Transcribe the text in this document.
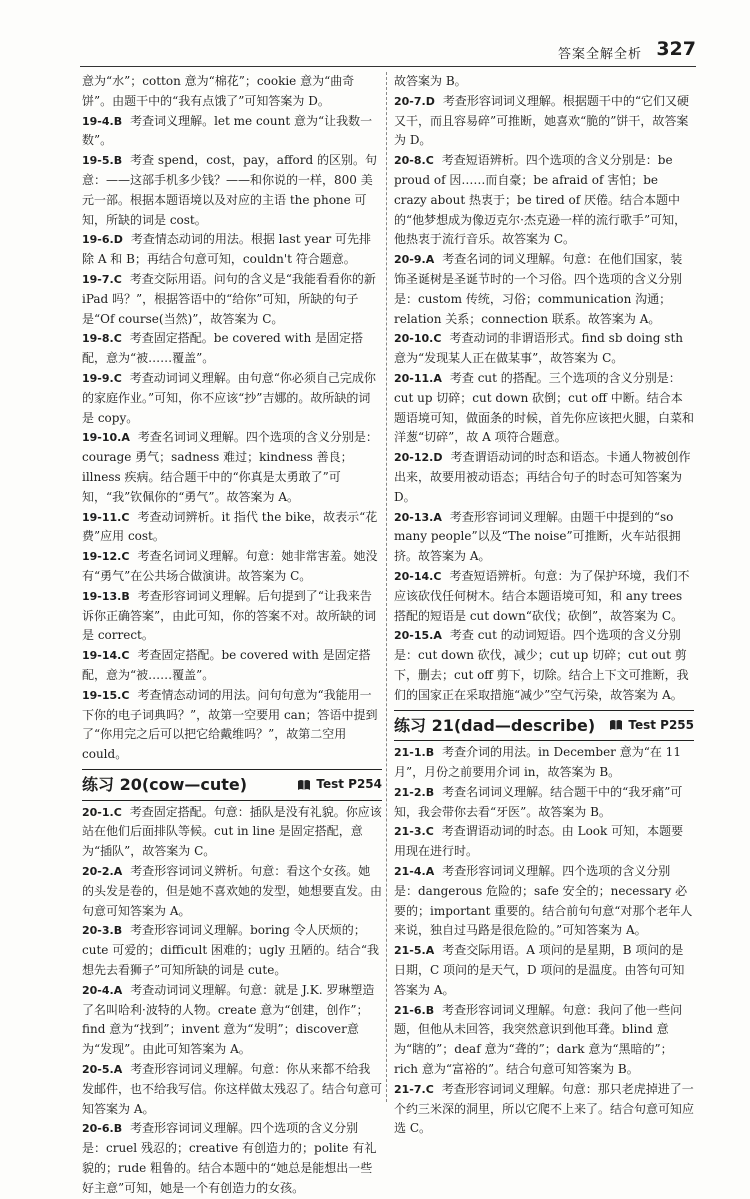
答案全解全析 327

意为“水”；cotton 意为“棉花”；cookie 意为“曲奇饼”。由题干中的“我有点饿了”可知答案为 D。

19-4.B 考查词义理解。let me count 意为“让我数一数”。

19-5.B 考查 spend，cost，pay，afford 的区别。句意：——这部手机多少钱？——和你说的一样，800 美元一部。根据本题语境以及对应的主语 the phone 可知，所缺的词是 cost。

19-6.D 考查情态动词的用法。根据 last year 可先排除 A 和 B；再结合句意可知，couldn't 符合题意。

19-7.C 考查交际用语。问句的含义是“我能看看你的新 iPad 吗？”，根据答语中的“给你”可知，所缺的句子是“Of course(当然)”，故答案为 C。

19-8.C 考查固定搭配。be covered with 是固定搭配，意为“被……覆盖”。

19-9.C 考查动词词义理解。由句意“你必须自己完成你的家庭作业。”可知，你不应该“抄”吉娜的。故所缺的词是 copy。

19-10.A 考查名词词义理解。四个选项的含义分别是：courage 勇气；sadness 难过；kindness 善良；illness 疾病。结合题干中的“你真是太勇敢了”可知，“我”钦佩你的“勇气”。故答案为 A。

19-11.C 考查动词辨析。it 指代 the bike，故表示“花费”应用 cost。

19-12.C 考查名词词义理解。句意：她非常害羞。她没有“勇气”在公共场合做演讲。故答案为 C。

19-13.B 考查形容词词义理解。后句提到了“让我来告诉你正确答案”，由此可知，你的答案不对。故所缺的词是 correct。

19-14.C 考查固定搭配。be covered with 是固定搭配，意为“被……覆盖”。

19-15.C 考查情态动词的用法。问句句意为“我能用一下你的电子词典吗？”，故第一空要用 can；答语中提到了“你用完之后可以把它给戴维吗？”，故第二空用 could。

练习 20(cow—cute)	Test P254

20-1.C 考查固定搭配。句意：插队是没有礼貌。你应该站在他们后面排队等候。cut in line 是固定搭配，意为“插队”，故答案为 C。

20-2.A 考查形容词词义辨析。句意：看这个女孩。她的头发是卷的，但是她不喜欢她的发型，她想要直发。由句意可知答案为 A。

20-3.B 考查形容词词义理解。boring 令人厌烦的；cute 可爱的；difficult 困难的；ugly 丑陋的。结合“我想先去看狮子”可知所缺的词是 cute。

20-4.A 考查动词词义理解。句意：就是 J.K. 罗琳塑造了名叫哈利·波特的人物。create 意为“创建，创作”；find 意为“找到”；invent 意为“发明”；discover意为“发现”。由此可知答案为 A。

20-5.A 考查形容词词义理解。句意：你从来都不给我发邮件，也不给我写信。你这样做太残忍了。结合句意可知答案为 A。

20-6.B 考查形容词词义理解。四个选项的含义分别是：cruel 残忍的；creative 有创造力的；polite 有礼貌的；rude 粗鲁的。结合本题中的“她总是能想出一些好主意”可知，她是一个有创造力的女孩。

故答案为 B。

20-7.D 考查形容词词义理解。根据题干中的“它们又硬又干，而且容易碎”可推断，她喜欢“脆的”饼干，故答案为 D。

20-8.C 考查短语辨析。四个选项的含义分别是：be proud of 因……而自豪；be afraid of 害怕；be crazy about 热衷于；be tired of 厌倦。结合本题中的“他梦想成为像迈克尔·杰克逊一样的流行歌手”可知，他热衷于流行音乐。故答案为 C。

20-9.A 考查名词的词义理解。句意：在他们国家，装饰圣诞树是圣诞节时的一个习俗。四个选项的含义分别是：custom 传统，习俗；communication 沟通；relation 关系；connection 联系。故答案为 A。

20-10.C 考查动词的非谓语形式。find sb doing sth 意为“发现某人正在做某事”，故答案为 C。

20-11.A 考查 cut 的搭配。三个选项的含义分别是：cut up 切碎；cut down 砍倒；cut off 中断。结合本题语境可知，做面条的时候，首先你应该把火腿，白菜和洋葱“切碎”，故 A 项符合题意。

20-12.D 考查谓语动词的时态和语态。卡通人物被创作出来，故要用被动语态；再结合句子的时态可知答案为 D。

20-13.A 考查形容词词义理解。由题干中提到的“so many people”以及“The noise”可推断，火车站很拥挤。故答案为 A。

20-14.C 考查短语辨析。句意：为了保护环境，我们不应该砍伐任何树木。结合本题语境可知，和 any trees 搭配的短语是 cut down“砍伐；砍倒”，故答案为 C。

20-15.A 考查 cut 的动词短语。四个选项的含义分别是：cut down 砍伐，减少；cut up 切碎；cut out 剪下，删去；cut off 剪下，切除。结合上下文可推断，我们的国家正在采取措施“减少”空气污染，故答案为 A。

练习 21(dad—describe)	Test P255

21-1.B 考查介词的用法。in December 意为“在 11 月”，月份之前要用介词 in，故答案为 B。

21-2.B 考查名词词义理解。结合题干中的“我牙痛”可知，我会带你去看“牙医”。故答案为 B。

21-3.C 考查谓语动词的时态。由 Look 可知，本题要用现在进行时。

21-4.A 考查形容词词义理解。四个选项的含义分别是：dangerous 危险的；safe 安全的；necessary 必要的；important 重要的。结合前句句意“对那个老年人来说，独自过马路是很危险的。”可知答案为 A。

21-5.A 考查交际用语。A 项问的是星期，B 项问的是日期，C 项问的是天气，D 项问的是温度。由答句可知答案为 A。

21-6.B 考查形容词词义理解。句意：我问了他一些问题，但他从未回答，我突然意识到他耳聋。blind 意为“瞎的”；deaf 意为“聋的”；dark 意为“黑暗的”；rich 意为“富裕的”。结合句意可知答案为 B。

21-7.C 考查形容词词义理解。句意：那只老虎掉进了一个约三米深的洞里，所以它爬不上来了。结合句意可知应选 C。
